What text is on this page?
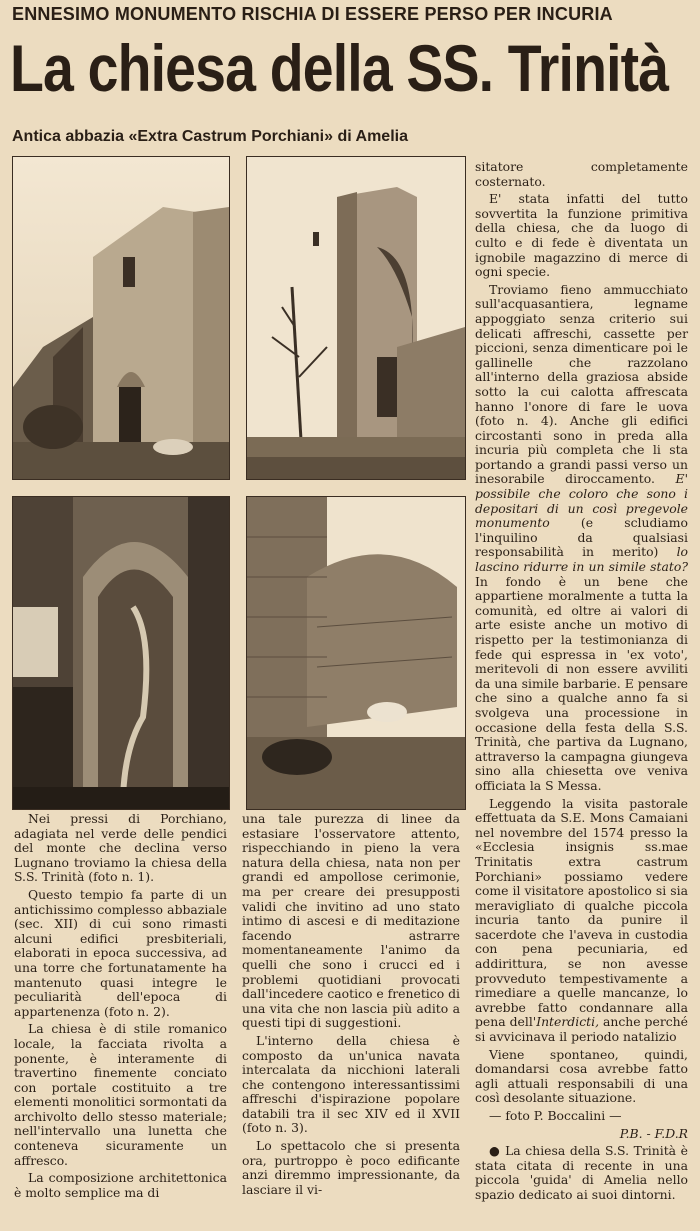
ENNESIMO MONUMENTO RISCHIA DI ESSERE PERSO PER INCURIA
La chiesa della SS. Trinità
Antica abbazia «Extra Castrum Porchiani» di Amelia

Nei pressi di Porchiano, adagiata nel verde delle pendici del monte che declina verso Lugnano troviamo la chiesa della S.S. Trinità (foto n. 1).

Questo tempio fa parte di un antichissimo complesso abbaziale (sec. XII) di cui sono rimasti alcuni edifici presbiteriali, elaborati in epoca successiva, ad una torre che fortunatamente ha mantenuto quasi integre le peculiarità dell'epoca di appartenenza (foto n. 2).

La chiesa è di stile romanico locale, la facciata rivolta a ponente, è interamente di travertino finemente conciato con portale costituito a tre elementi monolitici sormontati da archivolto dello stesso materiale; nell'intervallo una lunetta che conteneva sicuramente un affresco.

La composizione architettonica è molto semplice ma di

una tale purezza di linee da estasiare l'osservatore attento, rispecchiando in pieno la vera natura della chiesa, nata non per grandi ed ampollose cerimonie, ma per creare dei presupposti validi che invitino ad uno stato intimo di ascesi e di meditazione facendo astrarre momentaneamente l'animo da quelli che sono i crucci ed i problemi quotidiani provocati dall'incedere caotico e frenetico di una vita che non lascia più adito a questi tipi di suggestioni.

L'interno della chiesa è composto da un'unica navata intercalata da nicchioni laterali che contengono interessantissimi affreschi d'ispirazione popolare databili tra il sec XIV ed il XVII (foto n. 3).

Lo spettacolo che si presenta ora, purtroppo è poco edificante anzi diremmo impressionante, da lasciare il vi-

sitatore completamente costernato.

E' stata infatti del tutto sovvertita la funzione primitiva della chiesa, che da luogo di culto e di fede è diventata un ignobile magazzino di merce di ogni specie.

Troviamo fieno ammucchiato sull'acquasantiera, legname appoggiato senza criterio sui delicati affreschi, cassette per piccioni, senza dimenticare poi le gallinelle che razzolano all'interno della graziosa abside sotto la cui calotta affrescata hanno l'onore di fare le uova (foto n. 4). Anche gli edifici circostanti sono in preda alla incuria più completa che li sta portando a grandi passi verso un inesorabile diroccamento. E' possibile che coloro che sono i depositari di un così pregevole monumento	(e scludiamo l'inquilino da qualsiasi responsabilità in merito) lo lascino ridurre in un simile stato? In fondo è un bene che appartiene moralmente a tutta la comunità, ed oltre ai valori di arte esiste anche un motivo di rispetto per la testimonianza di fede qui espressa in 'ex voto', meritevoli di non essere avviliti da una simile barbarie. E pensare che sino a qualche anno fa si svolgeva una processione in occasione della festa della S.S. Trinità, che partiva da Lugnano, attraverso la campagna giungeva sino alla chiesetta ove veniva officiata la S Messa.

Leggendo la visita pastorale effettuata da S.E. Mons Camaiani nel novembre del 1574 presso la «Ecclesia insignis ss.mae Trinitatis extra castrum Porchiani» possiamo vedere come il visitatore apostolico si sia meravigliato di qualche piccola incuria tanto da punire il sacerdote che l'aveva in custodia con pena pecuniaria, ed addirittura, se non avesse provveduto tempestivamente a rimediare a quelle mancanze, lo avrebbe fatto condannare alla pena dell'Interdicti, anche perché si avvicinava il periodo natalizio

Viene spontaneo, quindi, domandarsi cosa avrebbe fatto agli attuali responsabili di una così desolante situazione.

— foto P. Boccalini —

P.B. - F.D.R

● La chiesa della S.S. Trinità è stata citata di recente in una piccola 'guida' di Amelia nello spazio dedicato ai suoi dintorni.
